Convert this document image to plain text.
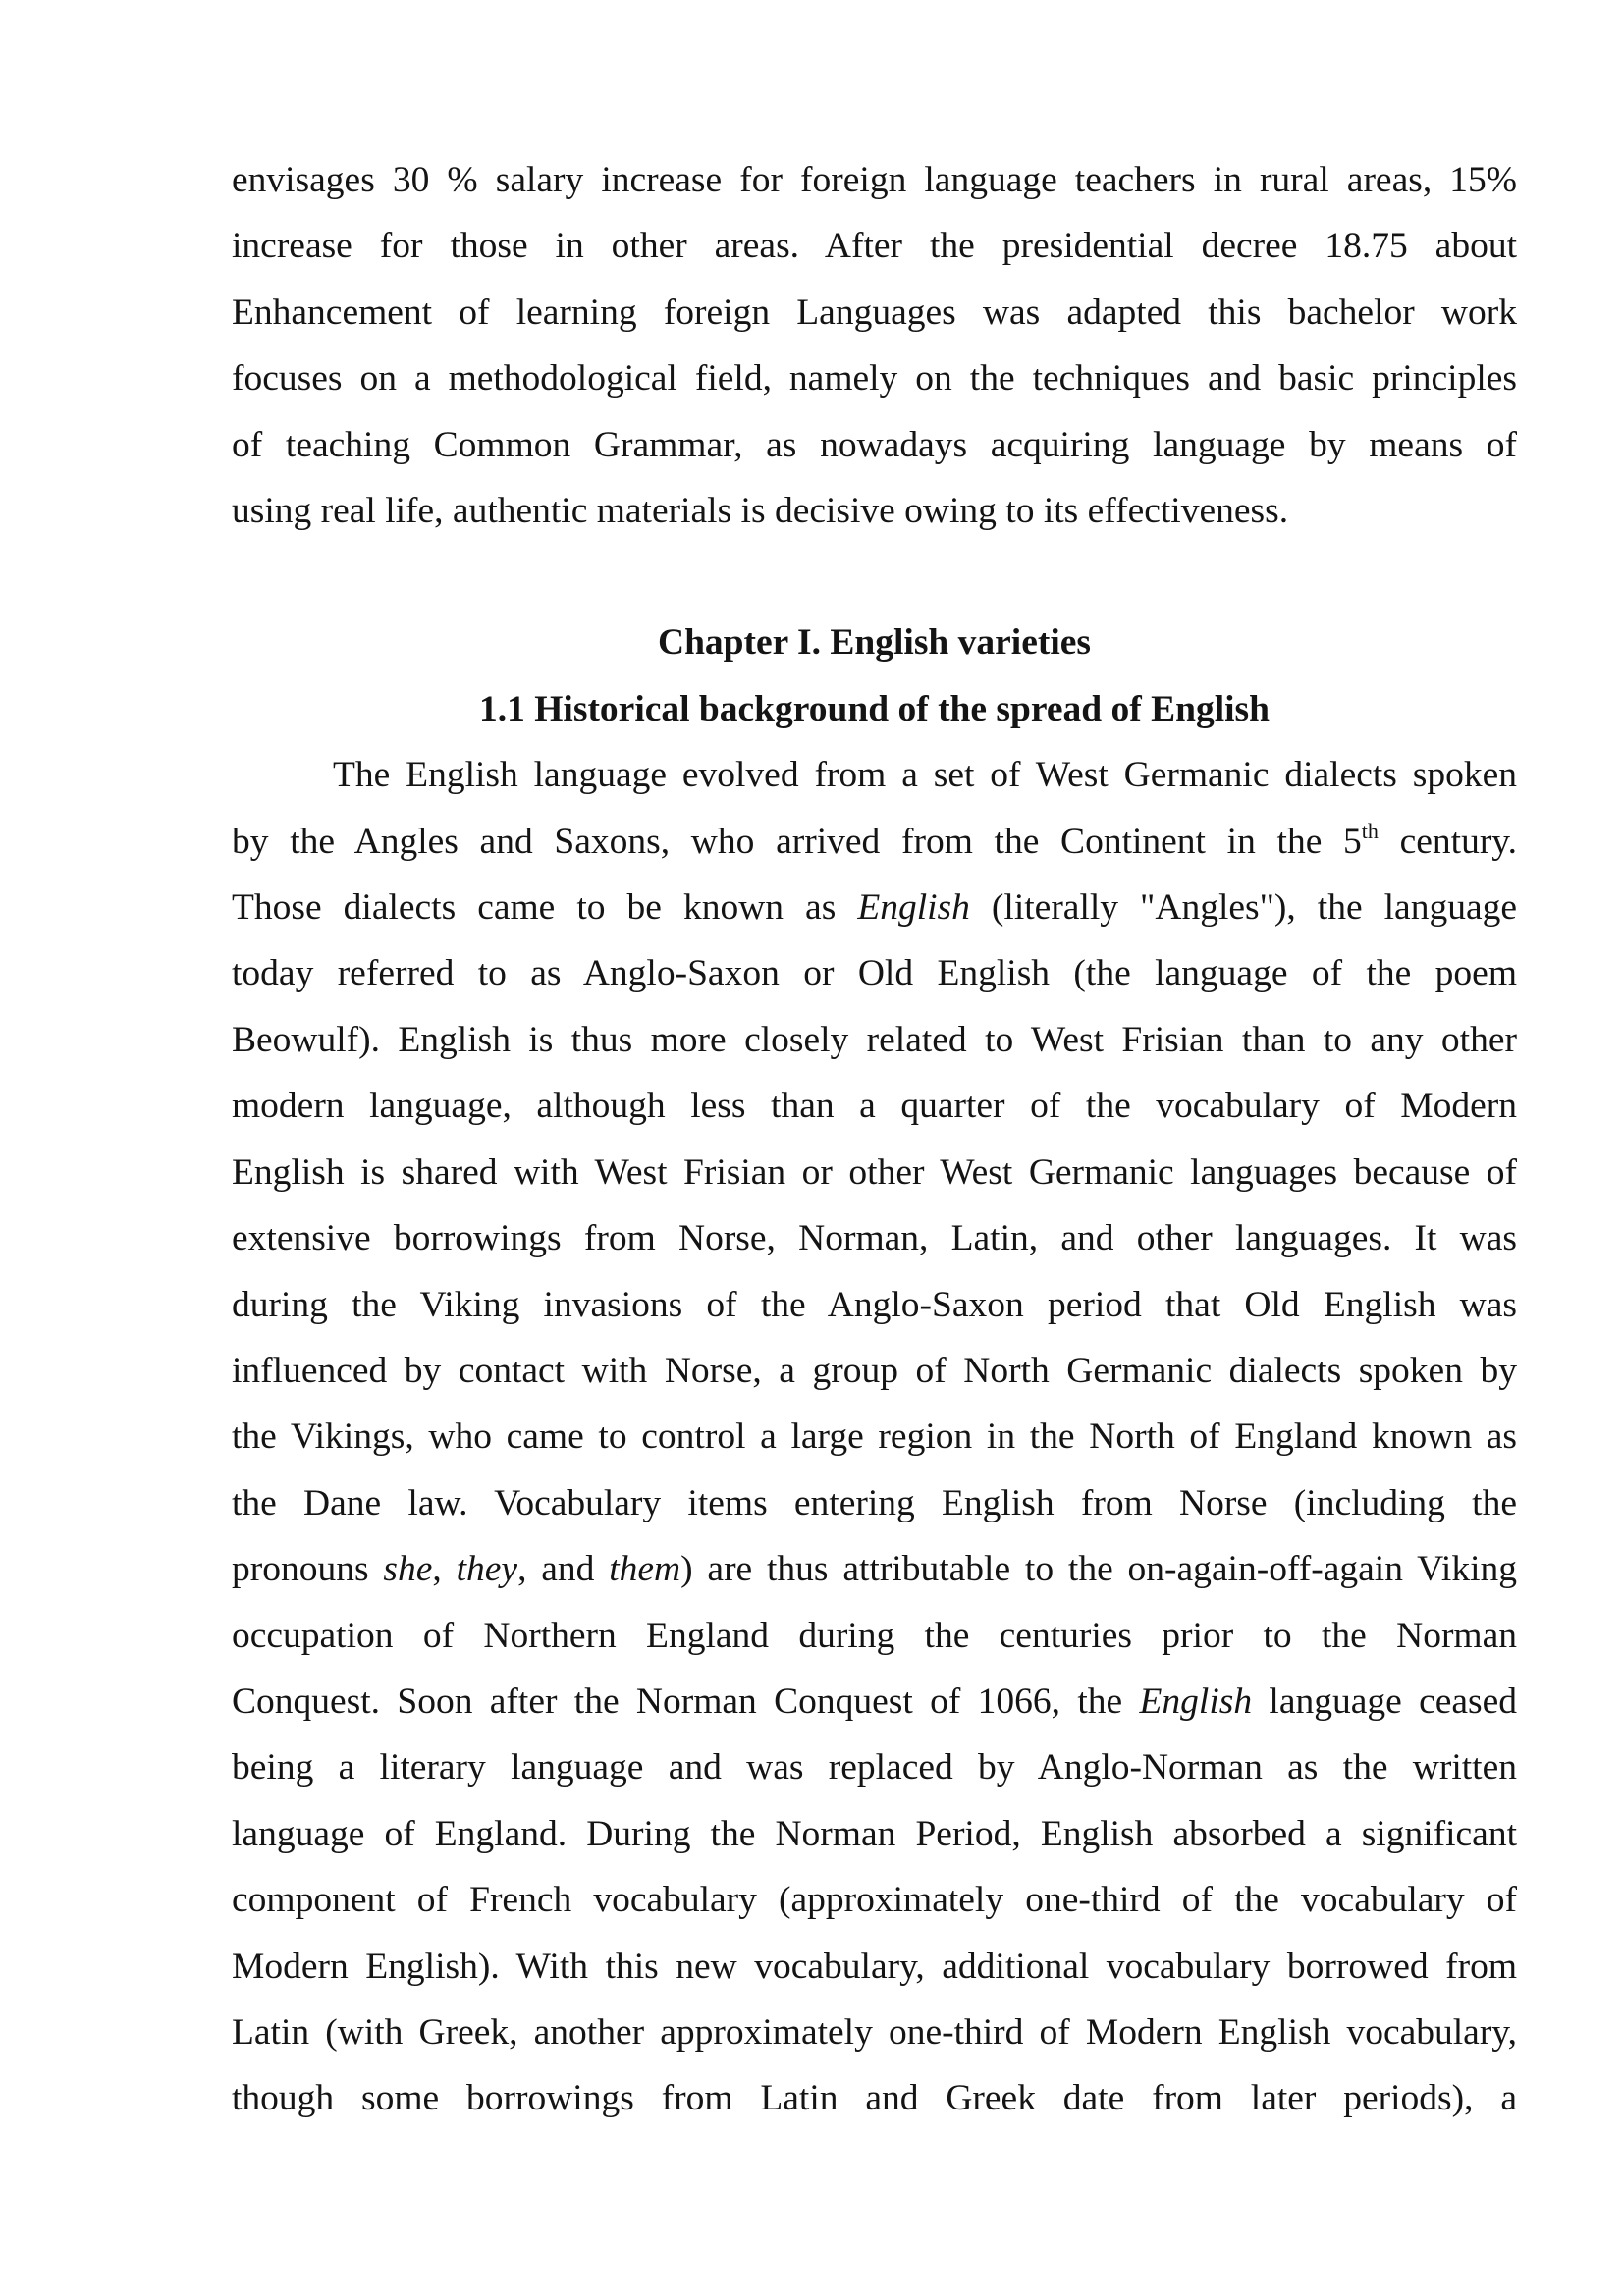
envisages 30 % salary increase for foreign language teachers in rural areas, 15%

increase for those in other areas. After the presidential decree 18.75 about

Enhancement of learning foreign Languages was adapted this bachelor work

focuses on a methodological field, namely on the techniques and basic principles

of teaching Common Grammar, as nowadays acquiring language by means of

using real life, authentic materials is decisive owing to its effectiveness.

Chapter I. English varieties
1.1 Historical background of the spread of English

The English language evolved from a set of West Germanic dialects spoken

by the Angles and Saxons, who arrived from the Continent in the 5th century.

Those dialects came to be known as English (literally "Angles"), the language

today referred to as Anglo-Saxon or Old English (the language of the poem

Beowulf). English is thus more closely related to West Frisian than to any other

modern language, although less than a quarter of the vocabulary of Modern

English is shared with West Frisian or other West Germanic languages because of

extensive borrowings from Norse, Norman, Latin, and other languages. It was

during the Viking invasions of the Anglo-Saxon period that Old English was

influenced by contact with Norse, a group of North Germanic dialects spoken by

the Vikings, who came to control a large region in the North of England known as

the Dane law. Vocabulary items entering English from Norse (including the

pronouns she, they, and them) are thus attributable to the on-again-off-again Viking

occupation of Northern England during the centuries prior to the Norman

Conquest. Soon after the Norman Conquest of 1066, the English language ceased

being a literary language and was replaced by Anglo-Norman as the written

language of England. During the Norman Period, English absorbed a significant

component of French vocabulary (approximately one-third of the vocabulary of

Modern English). With this new vocabulary, additional vocabulary borrowed from

Latin (with Greek, another approximately one-third of Modern English vocabulary,

though some borrowings from Latin and Greek date from later periods), a
